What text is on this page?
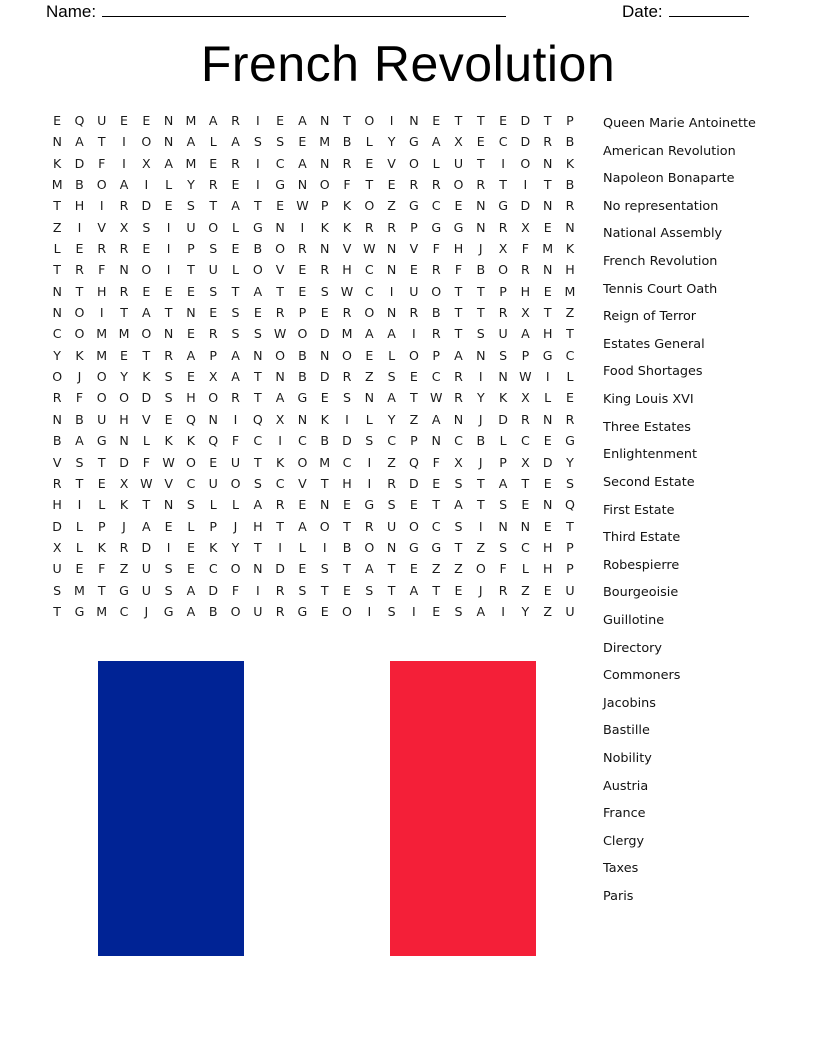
Name:	Date:
French Revolution
E	Q	U	E	E	N M A	R	I	E	A	N	T	O	I	N	E	T	T	E	D	T	P
N	A	T	I	O	N	A	L	A	S	S	E	M B	L	Y	G	A	X	E	C	D	R	B
K	D	F	I	X	A M	E	R	I	C	A	N	R	E	V	O	L	U	T	I	O	N	K
M B	O	A	I	L	Y	R	E	I	G	N	O	F	T	E	R	R	O	R	T	I	T	B
T	H	I	R	D	E	S	T	A	T	E W P	K	O	Z	G	C	E	N	G D	N	R
Z	I	V	X	S	I	U	O	L	G	N	I	K	K	R	R	P	G G	N	R	X	E	N
L	E	R	R	E	I	P	S	E	B	O	R	N	V W N	V	F	H	J	X	F	M	K
T	R	F	N	O	I	T	U	L	O	V	E	R	H	C	N	E	R	F	B	O	R	N	H
N	T	H	R	E	E	E	S	T	A	T	E	S W C	I	U	O	T	T	P	H	E	M
N	O	I	T	A	T	N	E	S	E	R	P	E	R	O	N	R	B	T	T	R	X	T	Z
C	O M M O	N	E	R	S	S W O D M A	A	I	R	T	S	U	A	H	T
Y	K	M	E	T	R	A	P	A	N	O	B	N	O	E	L	O	P	A	N	S	P	G	C
O	J	O	Y	K	S	E	X	A	T	N	B	D	R	Z	S	E	C	R	I	N W	I	L
R	F	O O D	S	H O	R	T	A	G	E	S	N	A	T W R	Y	K	X	L	E
N	B	U	H	V	E	Q	N	I	Q	X	N	K	I	L	Y	Z	A	N	J	D	R	N	R
B	A	G	N	L	K	K	Q	F	C	I	C	B	D	S	C	P	N	C	B	L	C	E	G
V	S	T	D	F W O	E	U	T	K	O M C	I	Z	Q	F	X	J	P	X	D	Y
R	T	E	X W V	C	U	O	S	C	V	T	H	I	R	D	E	S	T	A	T	E	S
H	I	L	K	T	N	S	L	L	A	R	E	N	E	G	S	E	T	A	T	S	E	N	Q
D	L	P	J	A	E	L	P	J	H	T	A	O	T	R	U	O	C	S	I	N	N	E	T
X	L	K	R	D	I	E	K	Y	T	I	L	I	B	O	N	G G	T	Z	S	C	H	P
U	E	F	Z	U	S	E	C	O	N	D	E	S	T	A	T	E	Z	Z	O	F	L	H	P
S	M	T	G	U	S	A	D	F	I	R	S	T	E	S	T	A	T	E	J	R	Z	E	U
T	G M C	J	G	A	B	O	U	R	G	E	O	I	S	I	E	S	A	I	Y	Z	U
Queen Marie Antoinette
American Revolution
Napoleon Bonaparte
No representation
National Assembly
French Revolution
Tennis Court Oath
Reign of Terror
Estates General
Food Shortages
King Louis XVI
Three Estates
Enlightenment
Second Estate
First Estate
Third Estate
Robespierre
Bourgeoisie
Guillotine
Directory
Commoners
Jacobins
Bastille
Nobility
Austria
France
Clergy
Taxes
Paris
